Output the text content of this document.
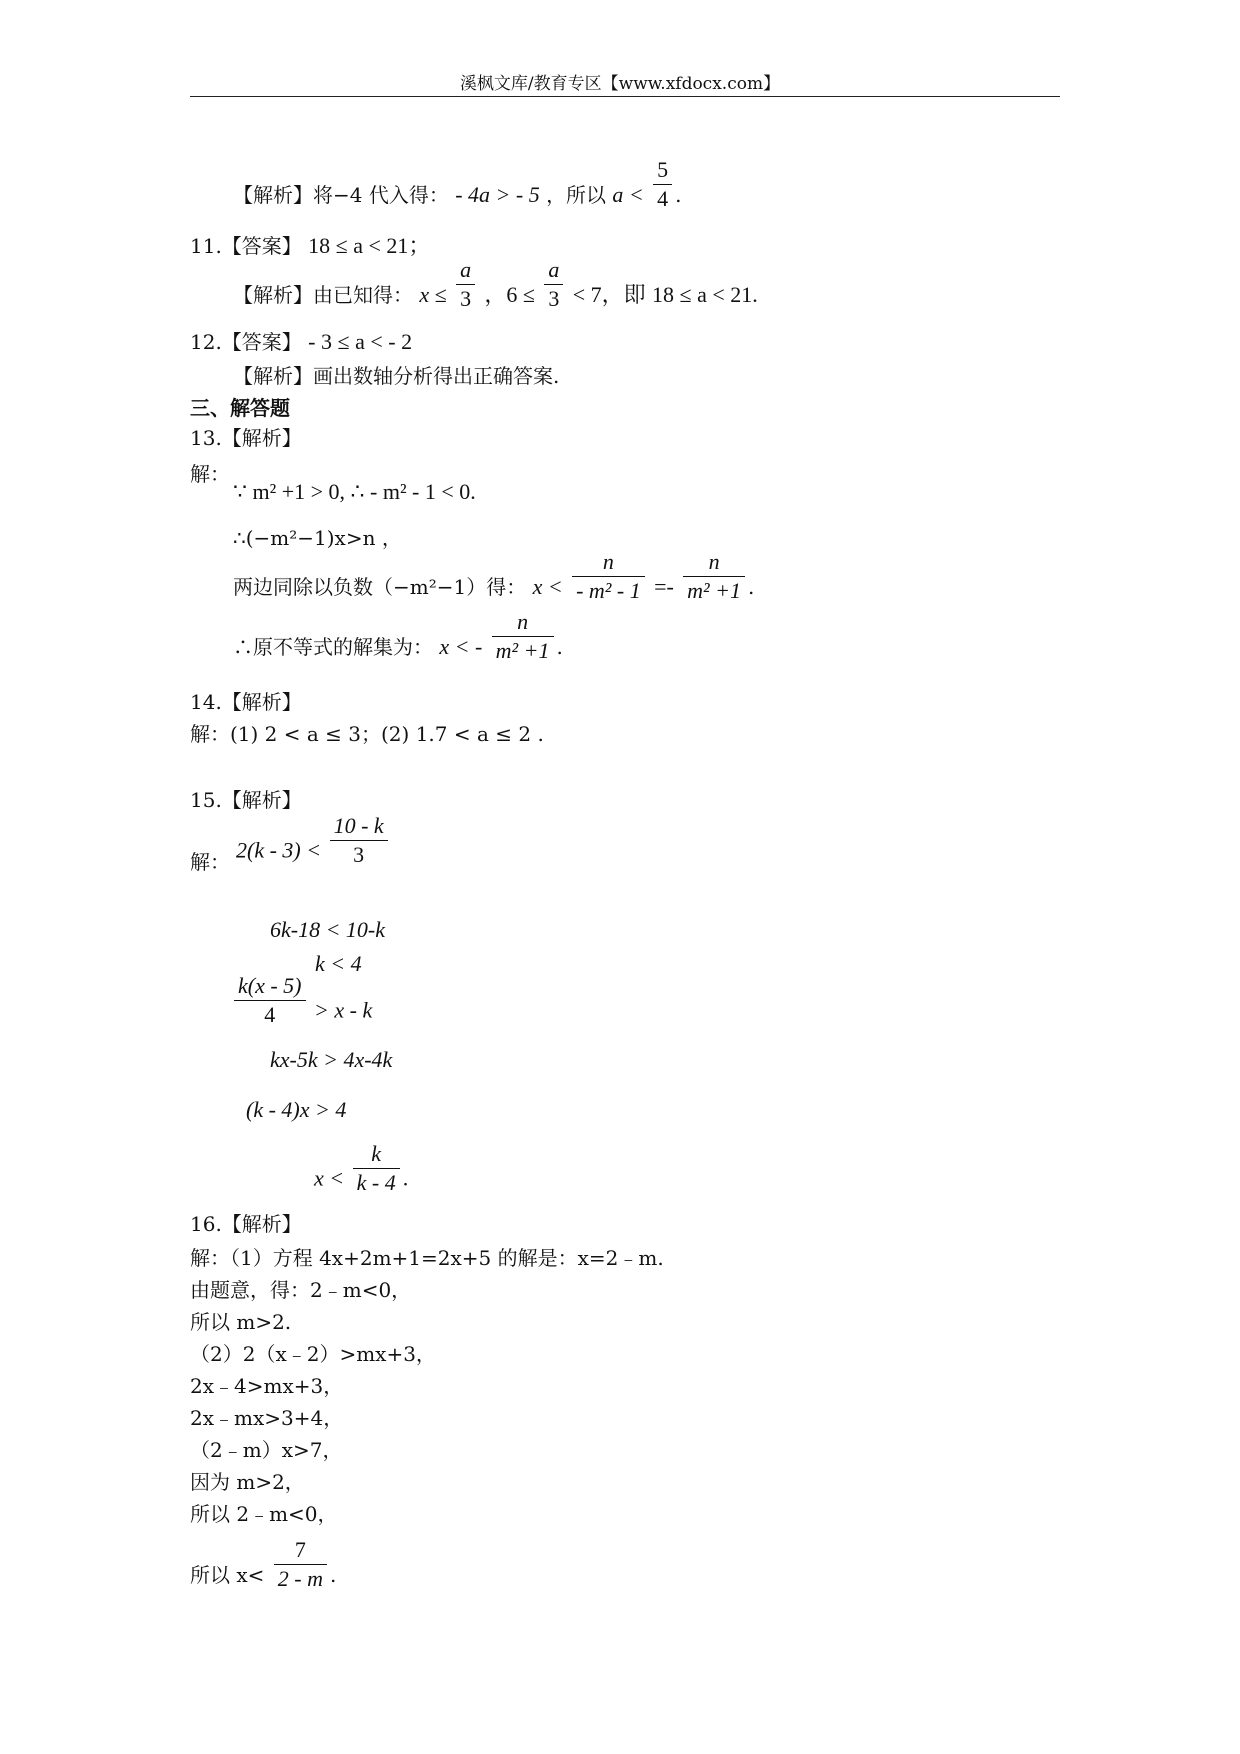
溪枫文库/教育专区【www.xfdocx.com】
【解析】将−4 代入得： - 4a > - 5 ，所以 $a < \frac{5}{4}$ .
11.【答案】 18 ≤ a < 21；
【解析】由已知得： $x \le \frac{a}{3}$ ，$6 \le \frac{a}{3} < 7$，即 18 ≤ a < 21.
12.【答案】 - 3 ≤ a < - 2
【解析】画出数轴分析得出正确答案.
三、解答题
13.【解析】
解：
∵ m² +1 > 0, ∴ - m² - 1 < 0.
∴(−m²−1)x>n ，
两边同除以负数（−m²−1）得： $x < \frac{n}{\text{- m² - 1}} =- \frac{n}{\text{m² +1}}$ .
∴原不等式的解集为： x < - $\frac{n}{\text{m² +1}}$ .
14.【解析】
解：(1) 2 < a ≤ 3；(2) 1.7 < a ≤ 2 .
15.【解析】
解： $2(k - 3) < \frac{10 - k}{3}$
6k-18 < 10-k
k < 4
$\frac{k(x - 5)}{4} > x - k$
kx-5k > 4x-4k
(k - 4)x > 4
$x < \frac{k}{k - 4}$ .
16.【解析】
解：（1）方程 4x+2m+1=2x+5 的解是：x=2﹣m.
由题意，得：2﹣m<0，
所以 m>2.
（2）2（x﹣2）>mx+3，
2x﹣4>mx+3，
2x﹣mx>3+4，
（2﹣m）x>7，
因为 m>2，
所以 2﹣m<0，
所以 $x< \frac{7}{2 - m}$ .
